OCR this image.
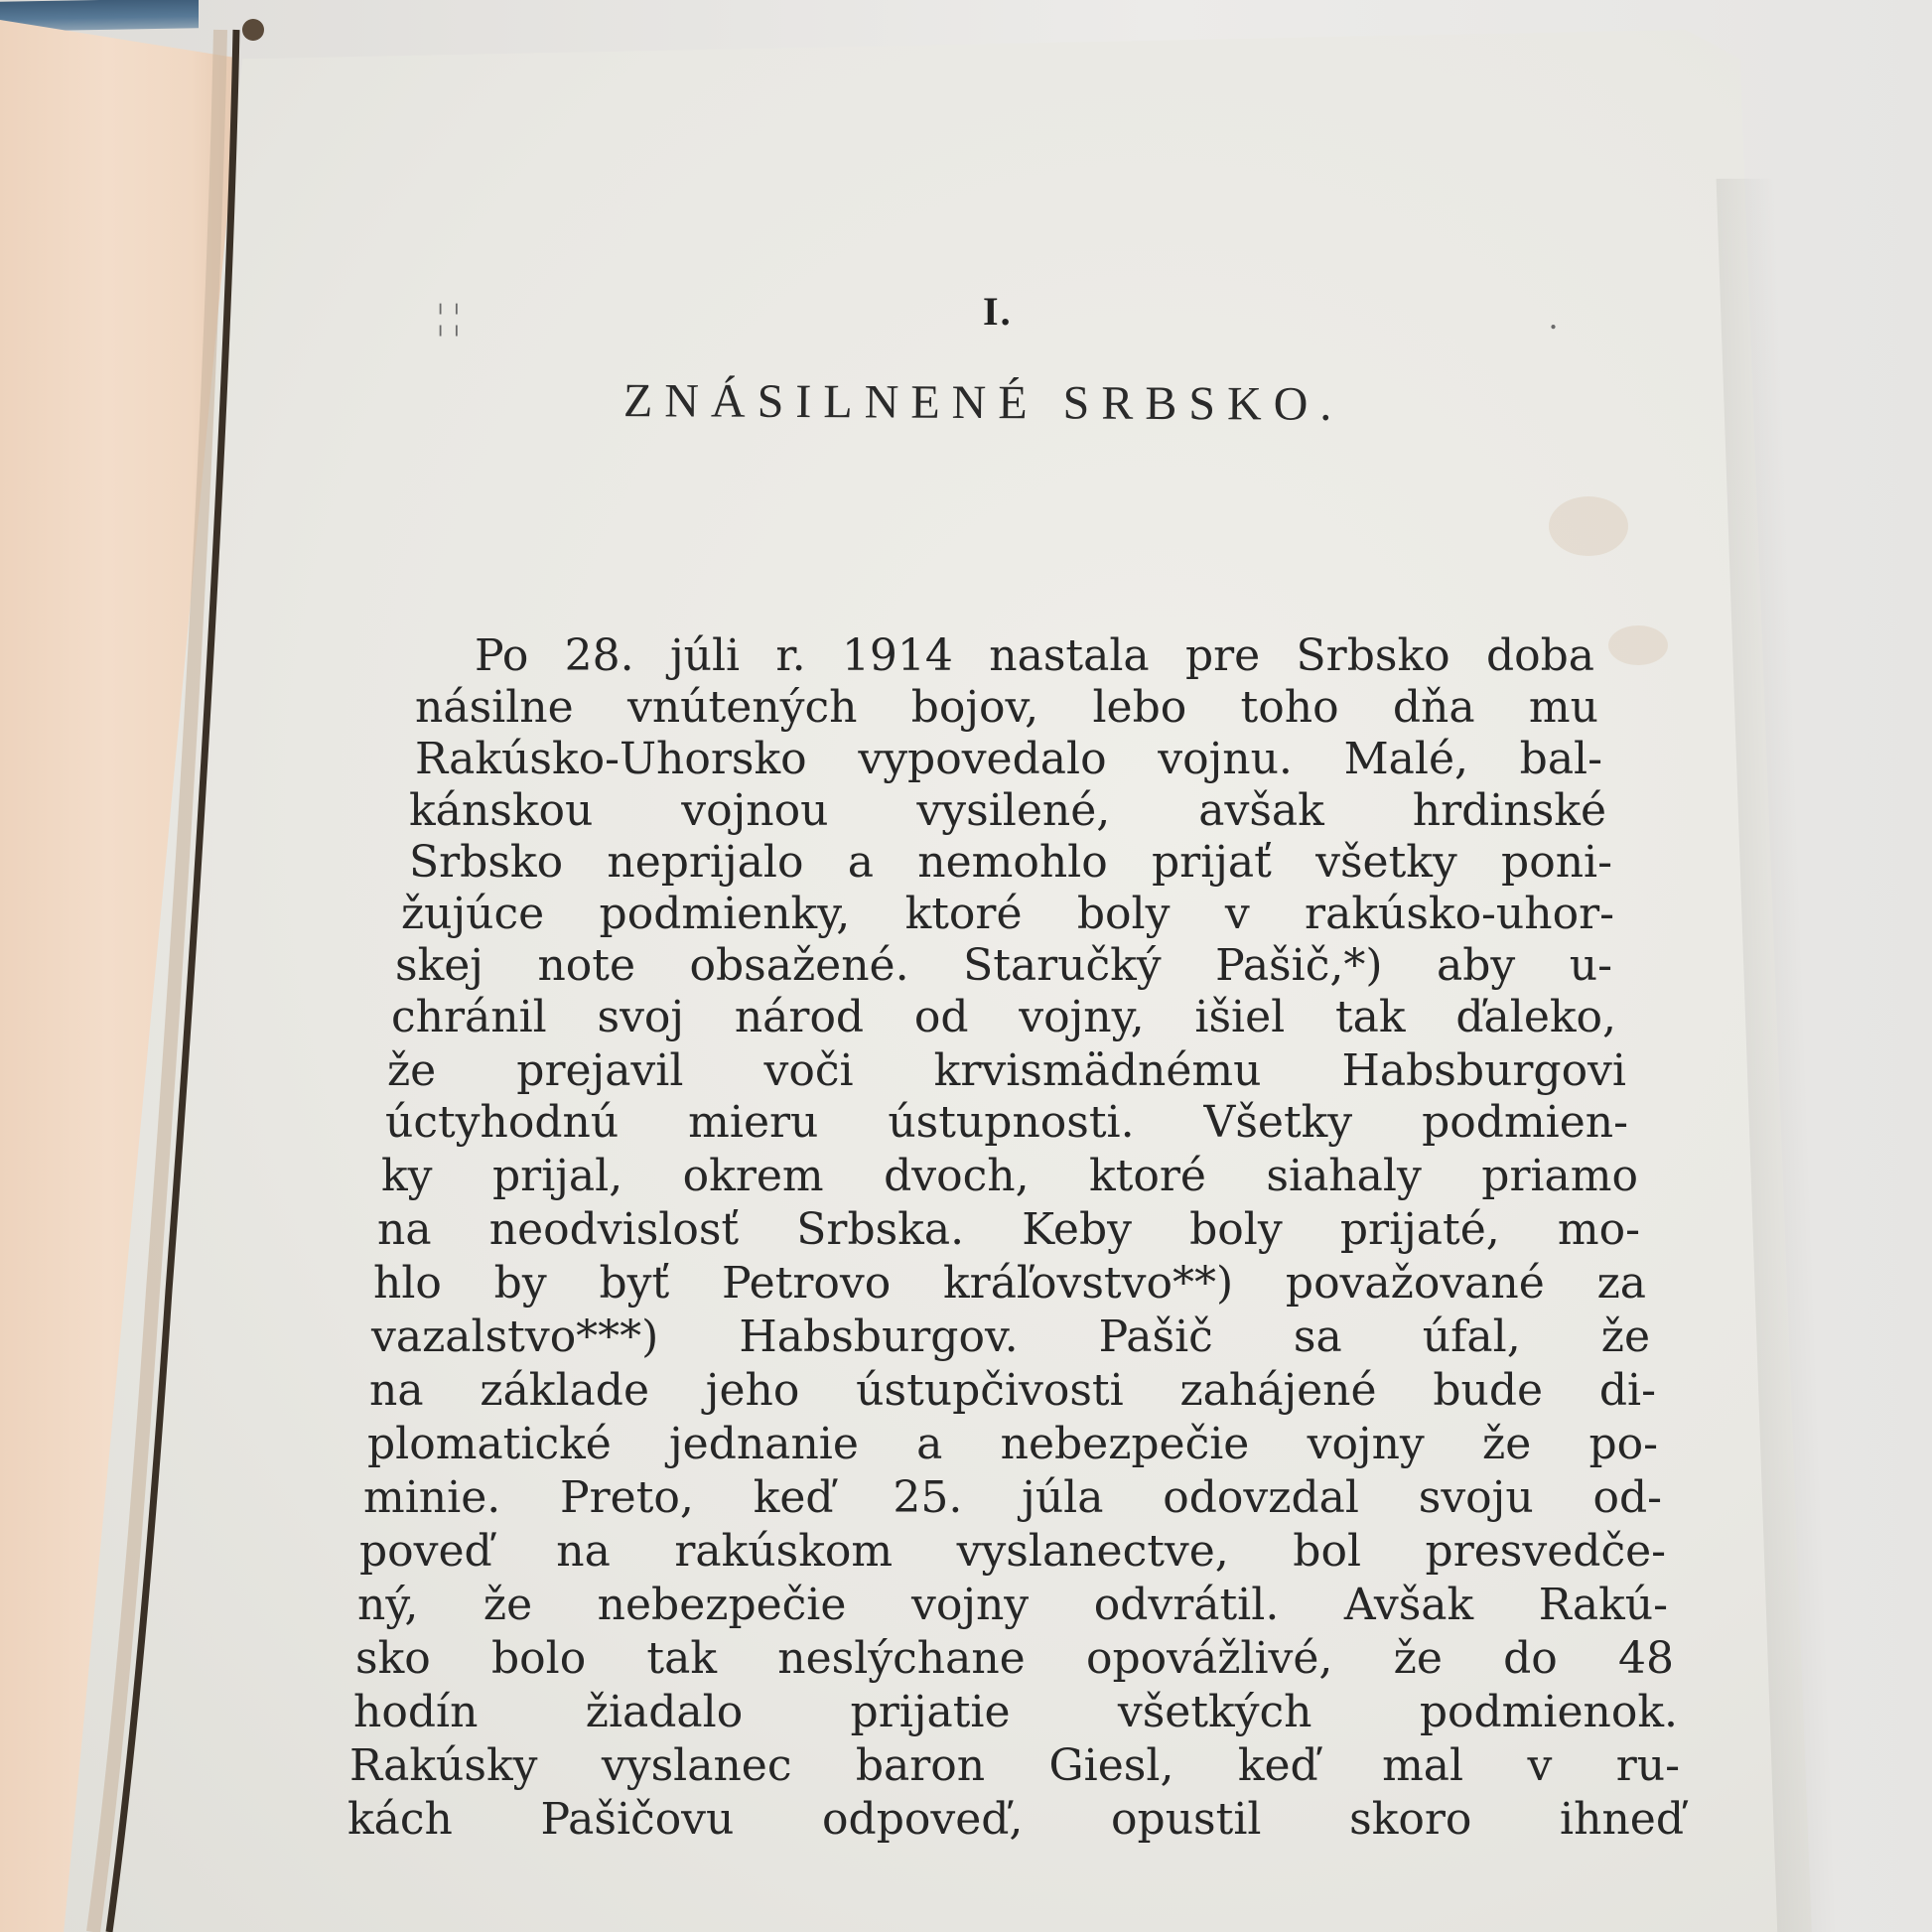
¦ ¦	.
I.
ZNÁSILNENÉ SRBSKO.
Po 28. júli r. 1914 nastala pre Srbsko doba
násilne vnútených bojov, lebo toho dňa mu
Rakúsko-Uhorsko vypovedalo vojnu. Malé, bal-
kánskou vojnou vysilené, avšak hrdinské
Srbsko neprijalo a nemohlo prijať všetky poni-
žujúce podmienky, ktoré boly v rakúsko-uhor-
skej note obsažené. Staručký Pašič,*) aby u-
chránil svoj národ od vojny, išiel tak ďaleko,
že prejavil voči krvismädnému Habsburgovi
úctyhodnú mieru ústupnosti. Všetky podmien-
ky prijal, okrem dvoch, ktoré siahaly priamo
na neodvislosť Srbska. Keby boly prijaté, mo-
hlo by byť Petrovo kráľovstvo**) považované za
vazalstvo***) Habsburgov. Pašič sa úfal, že
na základe jeho ústupčivosti zahájené bude di-
plomatické jednanie a nebezpečie vojny že po-
minie. Preto, keď 25. júla odovzdal svoju od-
poveď na rakúskom vyslanectve, bol presvedče-
ný, že nebezpečie vojny odvrátil. Avšak Rakú-
sko bolo tak neslýchane opovážlivé, že do 48
hodín žiadalo prijatie všetkých podmienok.
Rakúsky vyslanec baron Giesl, keď mal v ru-
kách Pašičovu odpoveď, opustil skoro ihneď
